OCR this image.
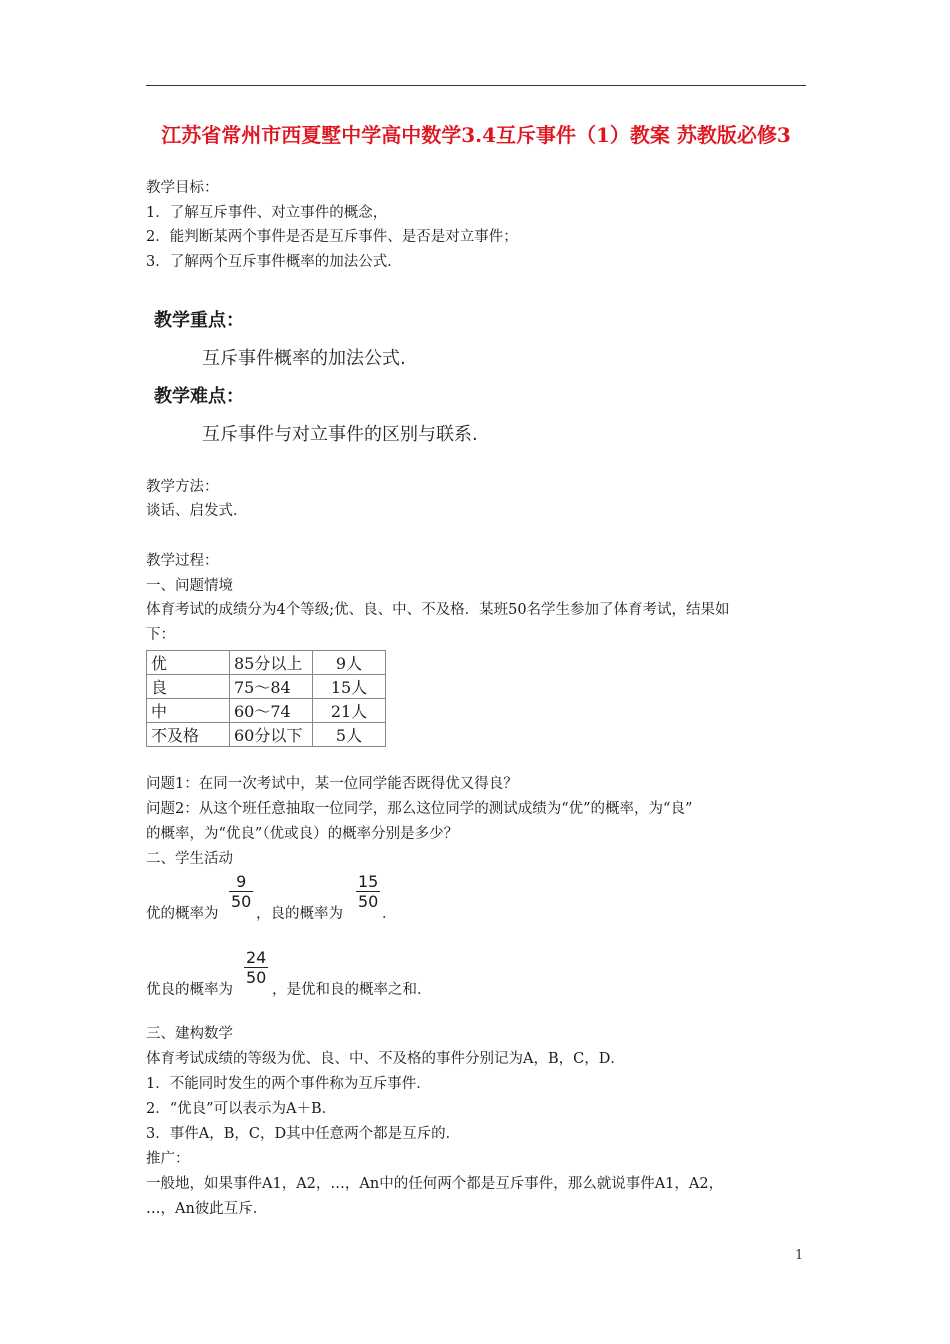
江苏省常州市西夏墅中学高中数学3.4互斥事件（1）教案 苏教版必修3
教学目标：
1．了解互斥事件、对立事件的概念，
2．能判断某两个事件是否是互斥事件、是否是对立事件；
3．了解两个互斥事件概率的加法公式．
教学重点：
互斥事件概率的加法公式.
教学难点：
互斥事件与对立事件的区别与联系.
教学方法：
谈话、启发式．
教学过程：
一、问题情境
体育考试的成绩分为4个等级;优、良、中、不及格．某班50名学生参加了体育考试，结果如
下：
优	85分以上	9人
良	75～84	15人
中	60～74	21人
不及格	60分以下	5人
问题1：在同一次考试中，某一位同学能否既得优又得良？
问题2：从这个班任意抽取一位同学，那么这位同学的测试成绩为“优”的概率，为“良”
的概率，为“优良”（优或良）的概率分别是多少？
二、学生活动
优的概率为
9
50
，良的概率为
15
50
．
优良的概率为
24
50
，是优和良的概率之和．
三、建构数学
体育考试成绩的等级为优、良、中、不及格的事件分别记为A，B，C，D．
1．不能同时发生的两个事件称为互斥事件．
2．“优良”可以表示为A＋B．
3．事件A，B，C，D其中任意两个都是互斥的．
推广：
一般地，如果事件A1，A2，…，An中的任何两个都是互斥事件，那么就说事件A1，A2，
…，An彼此互斥．
1
